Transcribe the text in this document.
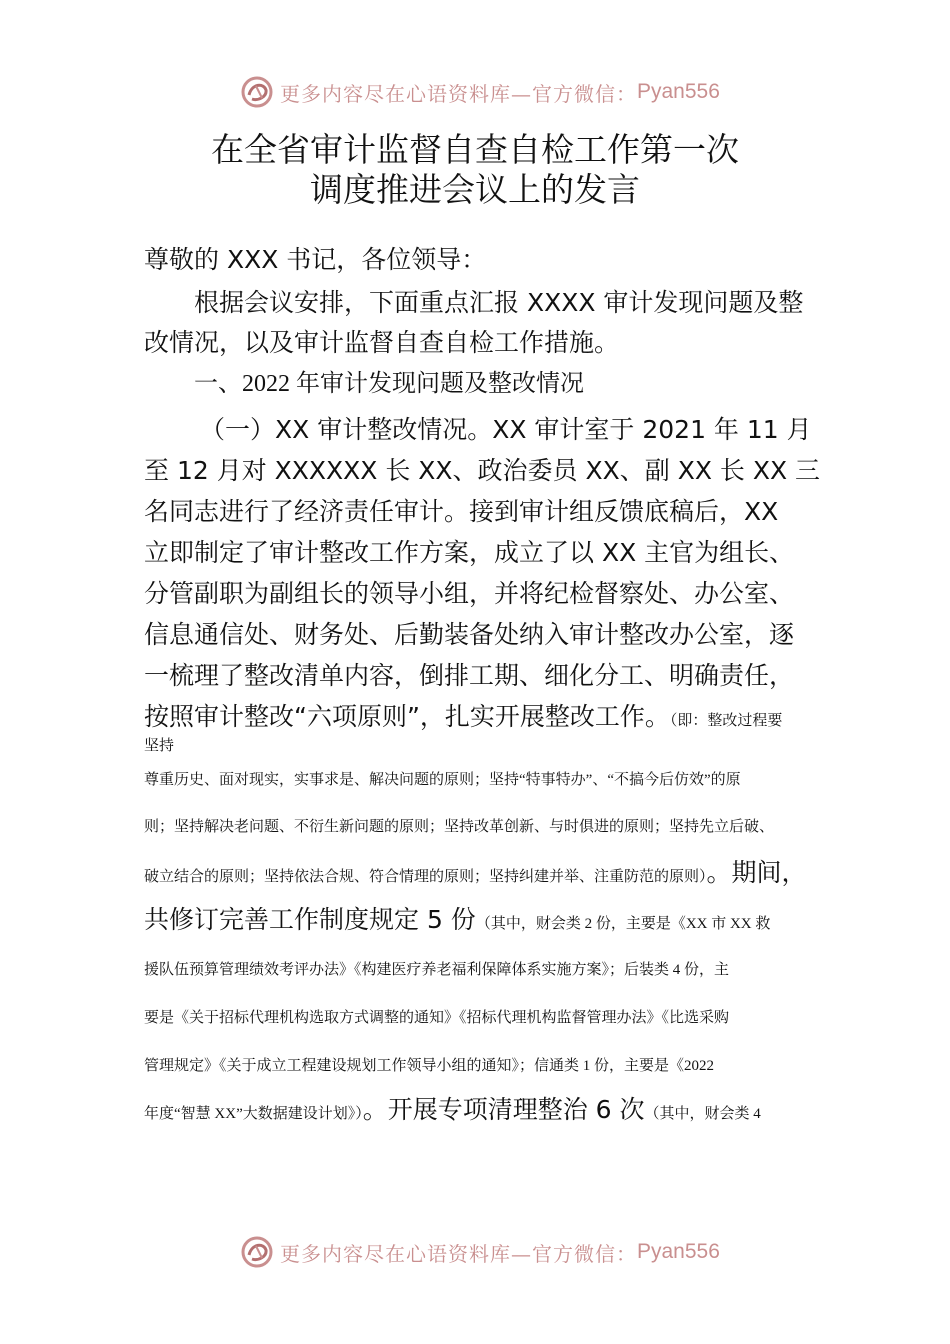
更多内容尽在心语资料库—官方微信： Pyan556
在全省审计监督自查自检工作第一次
调度推进会议上的发言
尊敬的 XXX 书记，各位领导：
根据会议安排，下面重点汇报 XXXX 审计发现问题及整
改情况，以及审计监督自查自检工作措施。
一、2022 年审计发现问题及整改情况
（一）XX 审计整改情况。XX 审计室于 2021 年 11 月
至 12 月对 XXXXXX 长 XX、政治委员 XX、副 XX 长 XX 三
名同志进行了经济责任审计。接到审计组反馈底稿后，XX
立即制定了审计整改工作方案，成立了以 XX 主官为组长、
分管副职为副组长的领导小组，并将纪检督察处、办公室、
信息通信处、财务处、后勤装备处纳入审计整改办公室，逐
一梳理了整改清单内容，倒排工期、细化分工、明确责任，
按照审计整改“六项原则”，扎实开展整改工作。（即：整改过程要
坚持
尊重历史、面对现实，实事求是、解决问题的原则；坚持“特事特办”、“不搞今后仿效”的原
则；坚持解决老问题、不衍生新问题的原则；坚持改革创新、与时俱进的原则；坚持先立后破、
破立结合的原则；坚持依法合规、符合情理的原则；坚持纠建并举、注重防范的原则）。期间，
共修订完善工作制度规定 5 份（其中，财会类 2 份，主要是《XX 市 XX 救
援队伍预算管理绩效考评办法》《构建医疗养老福利保障体系实施方案》；后装类 4 份，主
要是《关于招标代理机构选取方式调整的通知》《招标代理机构监督管理办法》《比选采购
管理规定》《关于成立工程建设规划工作领导小组的通知》；信通类 1 份，主要是《2022
年度“智慧 XX”大数据建设计划》）。开展专项清理整治 6 次（其中，财会类 4
更多内容尽在心语资料库—官方微信： Pyan556
